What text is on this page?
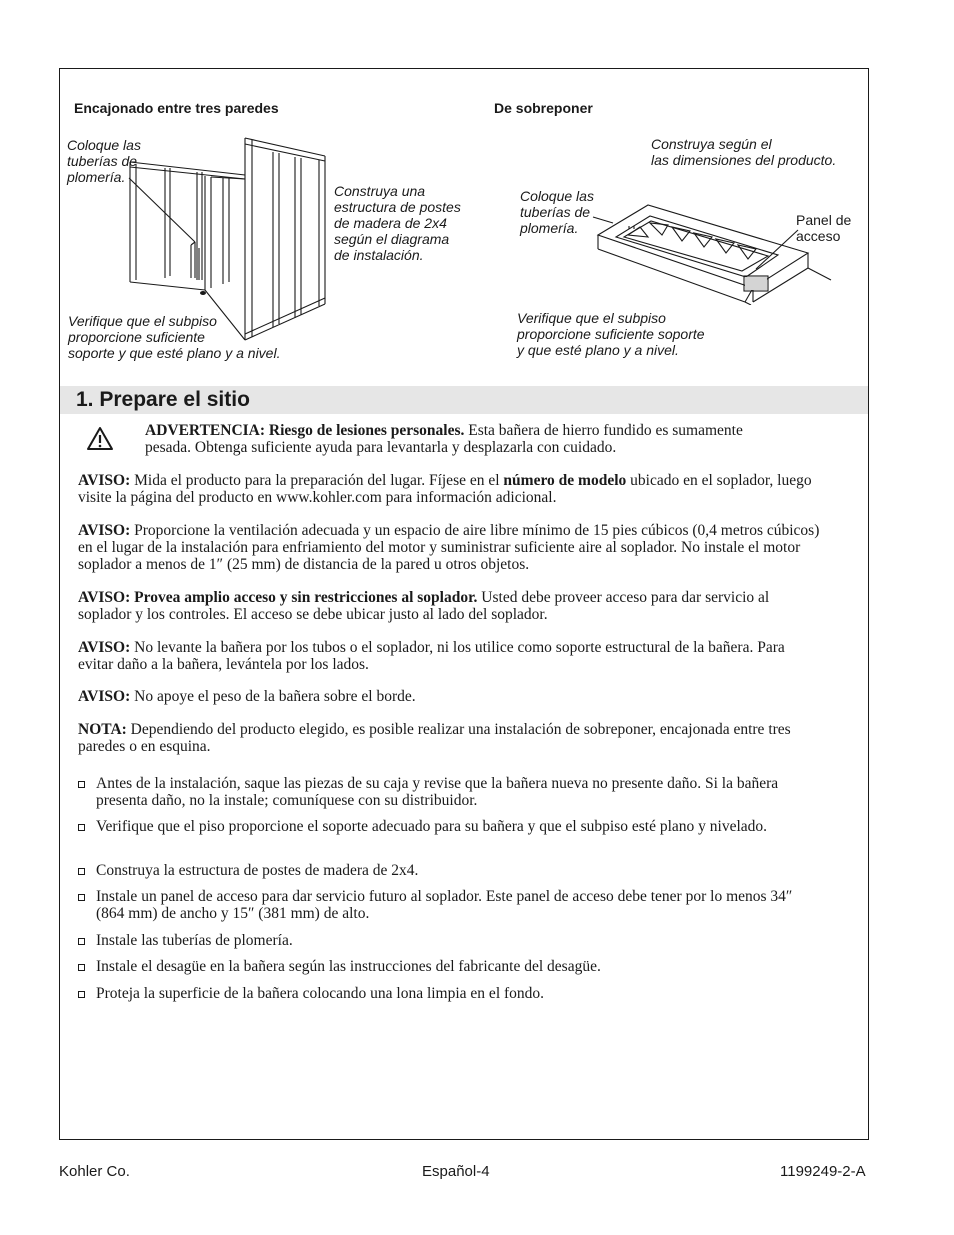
Encajonado entre tres paredes
Coloque las
tuberías de
plomería.
Construya una
estructura de postes
de madera de 2x4
según el diagrama
de instalación.
Verifique que el subpiso
proporcione suficiente
soporte y que esté plano y a nivel.
De sobreponer
Construya según el
las dimensiones del producto.
Coloque las
tuberías de
plomería.	Panel de
acceso
Verifique que el subpiso
proporcione suficiente soporte
y que esté plano y a nivel.
1. Prepare el sitio
ADVERTENCIA: Riesgo de lesiones personales. Esta bañera de hierro fundido es sumamente
pesada. Obtenga suficiente ayuda para levantarla y desplazarla con cuidado.
AVISO: Mida el producto para la preparación del lugar. Fíjese en el número de modelo ubicado en el soplador, luego visite la página del producto en www.kohler.com para información adicional.
AVISO: Proporcione la ventilación adecuada y un espacio de aire libre mínimo de 15 pies cúbicos (0,4 metros cúbicos) en el lugar de la instalación para enfriamiento del motor y suministrar suficiente aire al soplador. No instale el motor soplador a menos de 1″ (25 mm) de distancia de la pared u otros objetos.
AVISO: Provea amplio acceso y sin restricciones al soplador. Usted debe proveer acceso para dar servicio al soplador y los controles. El acceso se debe ubicar justo al lado del soplador.
AVISO: No levante la bañera por los tubos o el soplador, ni los utilice como soporte estructural de la bañera. Para evitar daño a la bañera, levántela por los lados.
AVISO: No apoye el peso de la bañera sobre el borde.
NOTA: Dependiendo del producto elegido, es posible realizar una instalación de sobreponer, encajonada entre tres paredes o en esquina.
Antes de la instalación, saque las piezas de su caja y revise que la bañera nueva no presente daño. Si la bañera presenta daño, no la instale; comuníquese con su distribuidor.
Verifique que el piso proporcione el soporte adecuado para su bañera y que el subpiso esté plano y nivelado.
Construya la estructura de postes de madera de 2x4.
Instale un panel de acceso para dar servicio futuro al soplador. Este panel de acceso debe tener por lo menos 34″ (864 mm) de ancho y 15″ (381 mm) de alto.
Instale las tuberías de plomería.
Instale el desagüe en la bañera según las instrucciones del fabricante del desagüe.
Proteja la superficie de la bañera colocando una lona limpia en el fondo.
Kohler Co.	Español-4	1199249-2-A
